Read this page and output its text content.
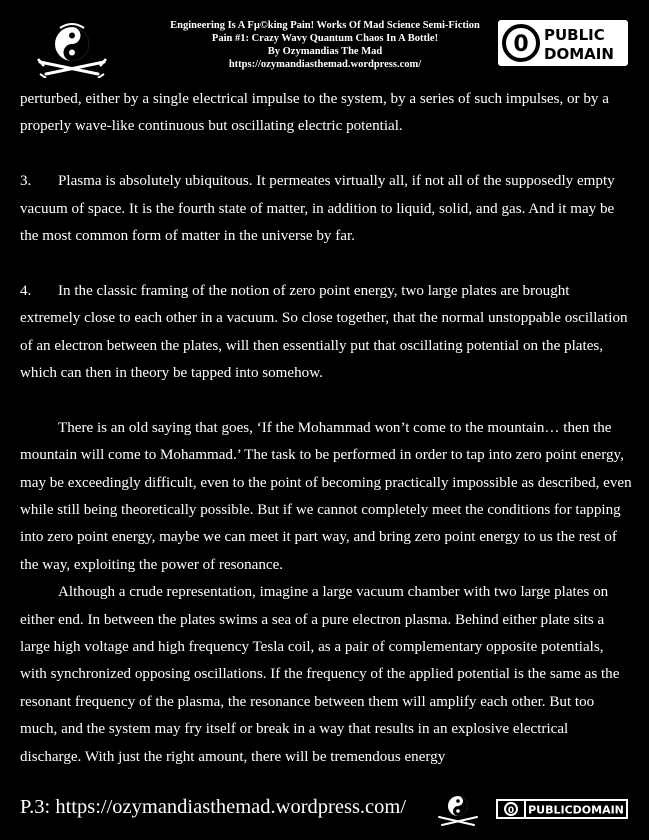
Engineering Is A Fµ©king Pain! Works Of Mad Science Semi-Fiction
Pain #1: Crazy Wavy Quantum Chaos In A Bottle!
By Ozymandias The Mad
https://ozymandiasthemad.wordpress.com/
0 PUBLIC
DOMAIN

perturbed, either by a single electrical impulse to the system, by a series of such impulses, or by a properly wave-like continuous but oscillating electric potential.

3. Plasma is absolutely ubiquitous. It permeates virtually all, if not all of the supposedly empty vacuum of space. It is the fourth state of matter, in addition to liquid, solid, and gas. And it may be the most common form of matter in the universe by far.

4. In the classic framing of the notion of zero point energy, two large plates are brought extremely close to each other in a vacuum. So close together, that the normal unstoppable oscillation of an electron between the plates, will then essentially put that oscillating potential on the plates, which can then in theory be tapped into somehow.

There is an old saying that goes, ‘If the Mohammad won’t come to the mountain… then the mountain will come to Mohammad.’ The task to be performed in order to tap into zero point energy, may be exceedingly difficult, even to the point of becoming practically impossible as described, even while still being theoretically possible. But if we cannot completely meet the conditions for tapping into zero point energy, maybe we can meet it part way, and bring zero point energy to us the rest of the way, exploiting the power of resonance.

Although a crude representation, imagine a large vacuum chamber with two large plates on either end. In between the plates swims a sea of a pure electron plasma. Behind either plate sits a large high voltage and high frequency Tesla coil, as a pair of complementary opposite potentials, with synchronized opposing oscillations. If the frequency of the applied potential is the same as the resonant frequency of the plasma, the resonance between them will amplify each other. But too much, and the system may fry itself or break in a way that results in an explosive electrical discharge. With just the right amount, there will be tremendous energy

P.3: https://ozymandiasthemad.wordpress.com/	0 PUBLICDOMAIN
